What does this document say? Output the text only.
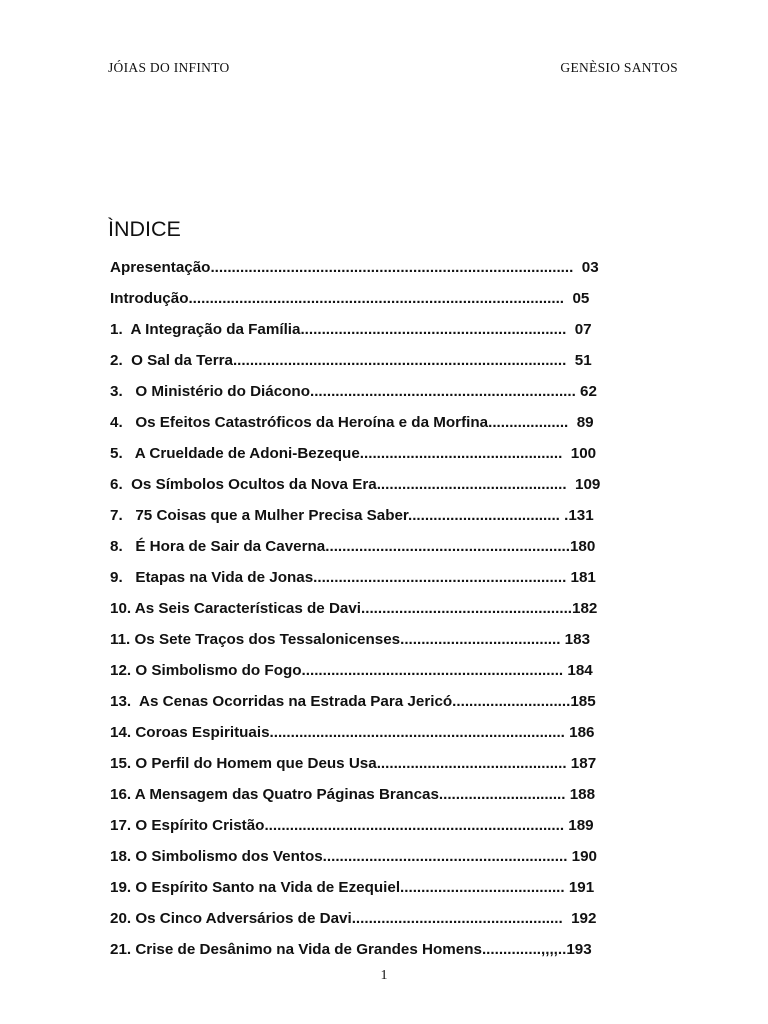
JÓIAS DO INFINTO	GENÈSIO SANTOS
ÌNDICE
Apresentação......................................................................................  03
Introdução.........................................................................................  05
1.  A Integração da Família...............................................................  07
2.  O Sal da Terra...............................................................................  51
3.   O Ministério do Diácono............................................................... 62
4.   Os Efeitos Catastróficos da Heroína e da Morfina...................  89
5.   A Crueldade de Adoni-Bezeque................................................  100
6.  Os Símbolos Ocultos da Nova Era.............................................  109
7.   75 Coisas que a Mulher Precisa Saber.................................... .131
8.   É Hora de Sair da Caverna..........................................................180
9.   Etapas na Vida de Jonas............................................................ 181
10. As Seis Características de Davi..................................................182
11. Os Sete Traços dos Tessalonicenses...................................... 183
12. O Simbolismo do Fogo.............................................................. 184
13.  As Cenas Ocorridas na Estrada Para Jericó............................185
14. Coroas Espirituais...................................................................... 186
15. O Perfil do Homem que Deus Usa............................................. 187
16. A Mensagem das Quatro Páginas Brancas.............................. 188
17. O Espírito Cristão....................................................................... 189
18. O Simbolismo dos Ventos.......................................................... 190
19. O Espírito Santo na Vida de Ezequiel....................................... 191
20. Os Cinco Adversários de Davi..................................................  192
21. Crise de Desânimo na Vida de Grandes Homens..............,,,,..193
1
